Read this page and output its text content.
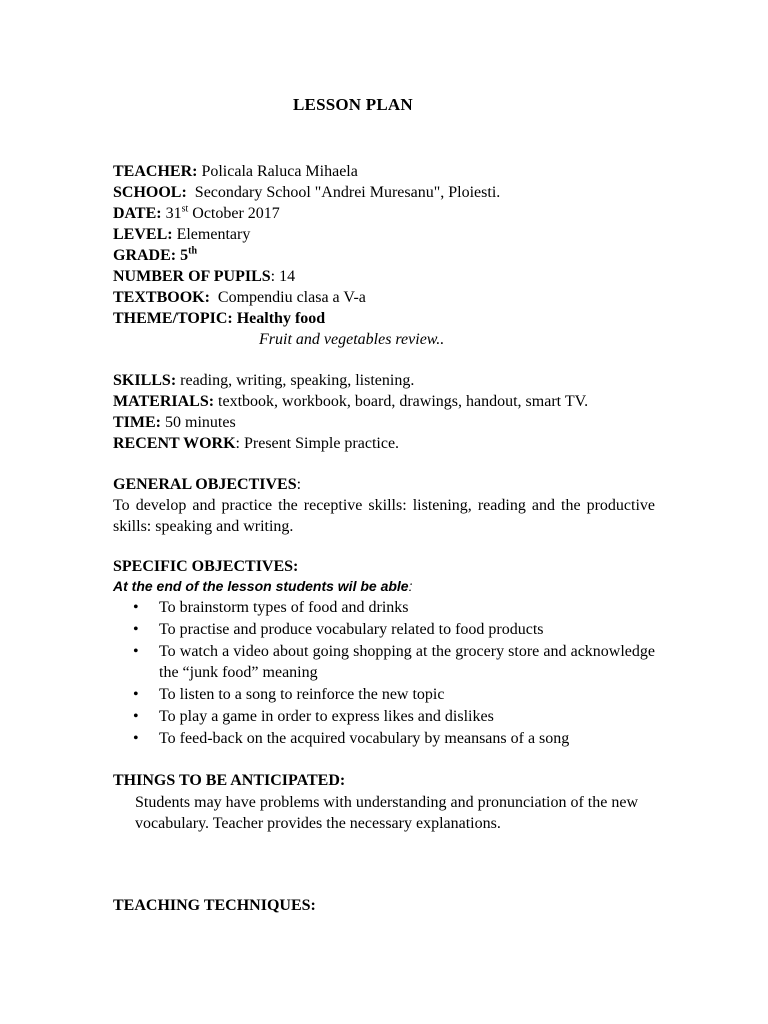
LESSON PLAN
TEACHER: Policala Raluca Mihaela
SCHOOL:  Secondary School "Andrei Muresanu", Ploiesti.
DATE: 31st October 2017
LEVEL: Elementary
GRADE: 5th
NUMBER OF PUPILS: 14
TEXTBOOK:  Compendiu clasa a V-a
THEME/TOPIC: Healthy food
Fruit and vegetables review..
SKILLS: reading, writing, speaking, listening.
MATERIALS: textbook, workbook, board, drawings, handout, smart TV.
TIME: 50 minutes
RECENT WORK: Present Simple practice.
GENERAL OBJECTIVES:
To develop and practice the receptive skills: listening, reading and the productive skills: speaking and writing.
SPECIFIC OBJECTIVES:
At the end of the lesson students wil be able:
• To brainstorm types of food and drinks
• To practise and produce vocabulary related to food products
• To watch a video about going shopping at the grocery store and acknowledge the “junk food” meaning
• To listen to a song to reinforce the new topic
• To play a game in order to express likes and dislikes
• To feed-back on the acquired vocabulary by meansans of a song
THINGS TO BE ANTICIPATED:
Students may have problems with understanding and pronunciation of the new vocabulary. Teacher provides the necessary explanations.
TEACHING TECHNIQUES:
